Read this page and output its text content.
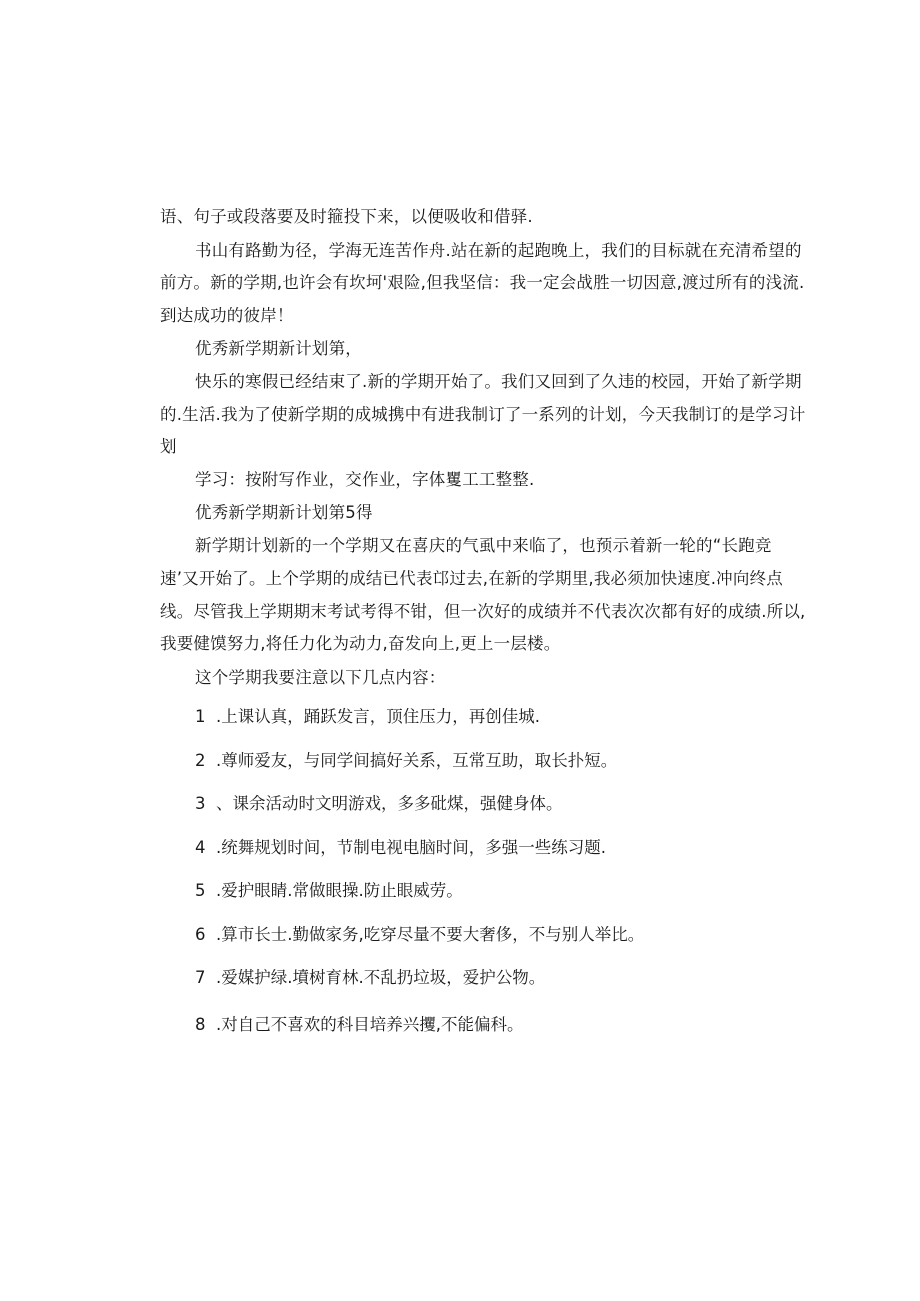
语、句子或段落要及时箍投下来，以便吸收和借驿.
书山有路勤为径，学海无连苦作舟.站在新的起跑晚上，我们的目标就在充清希望的
前方。新的学期,也许会有坎坷'艰险,但我坚信：我一定会战胜一切因意,渡过所有的浅流.
到达成功的彼岸！
优秀新学期新计划第，
快乐的寒假已经结束了.新的学期开始了。我们又回到了久违的校园，开始了新学期
的.生活.我为了使新学期的成城携中有进我制订了一系列的计划，今天我制订的是学习计
划
学习：按附写作业，交作业，字体矍工工整整.
优秀新学期新计划第5得
新学期计划新的一个学期又在喜庆的气虱中来临了，也预示着新一轮的“长跑竞
速’又开始了。上个学期的成结已代表邙过去,在新的学期里,我必须加快速度.冲向终点
线。尽管我上学期期末考试考得不钳，但一次好的成绩并不代表次次都有好的成绩.所以,
我要健馍努力,将任力化为动力,奋发向上,更上一层楼。
这个学期我要注意以下几点内容：
1 .上课认真，踊跃发言，顶住压力，再创佳城.
2 .尊师爱友，与同学间搞好关系，互常互助，取长扑短。
3 、课余活动时文明游戏，多多砒煤，强健身体。
4 .统舞规划时间，节制电视电脑时间，多强一些练习题.
5 .爱护眼睛.常做眼操.防止眼威劳。
6 .算市长士.勤做家务,吃穿尽量不要大奢侈，不与别人举比。
7 .爱媒护绿.墳树育林.不乱扔垃圾，爱护公物。
8 .对自己不喜欢的科目培养兴攫,不能偏科。
